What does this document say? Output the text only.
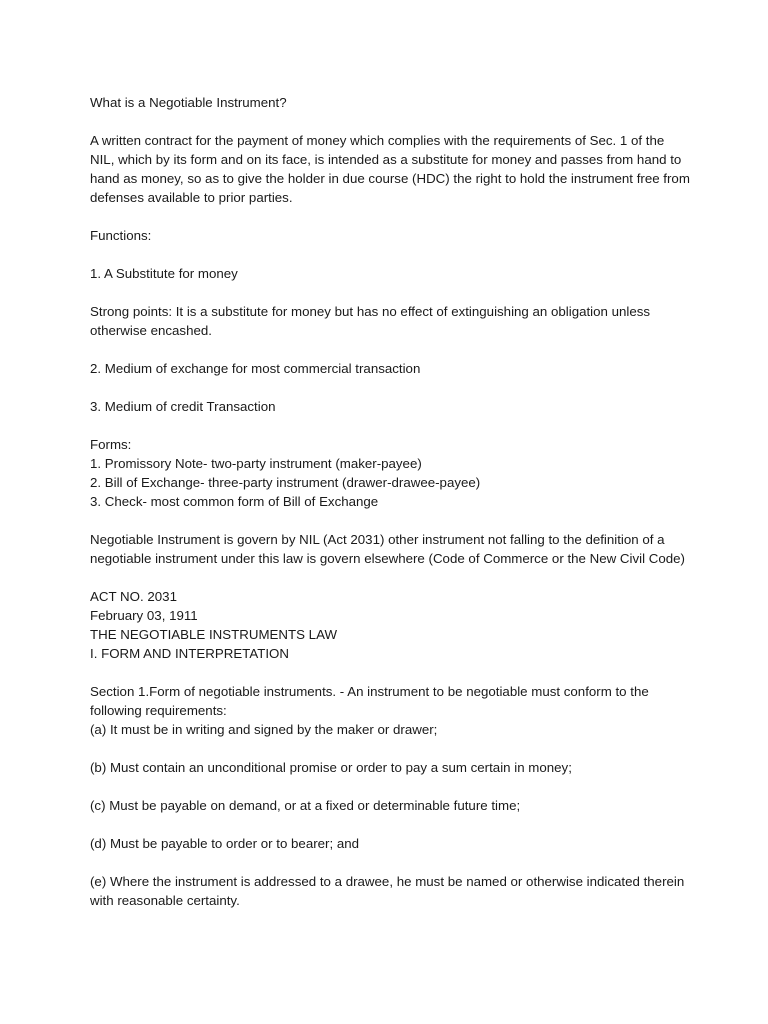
What is a Negotiable Instrument?
A written contract for the payment of money which complies with the requirements of Sec. 1 of the NIL, which by its form and on its face, is intended as a substitute for money and passes from hand to hand as money, so as to give the holder in due course (HDC) the right to hold the instrument free from defenses available to prior parties.
Functions:
1. A Substitute for money
Strong points: It is a substitute for money but has no effect of extinguishing an obligation unless otherwise encashed.
2. Medium of exchange for most commercial transaction
3. Medium of credit Transaction
Forms:
1. Promissory Note- two-party instrument (maker-payee)
2. Bill of Exchange- three-party instrument (drawer-drawee-payee)
3. Check- most common form of Bill of Exchange
Negotiable Instrument is govern by NIL (Act 2031) other instrument not falling to the definition of a negotiable instrument under this law is govern elsewhere (Code of Commerce or the New Civil Code)
ACT NO. 2031
February 03, 1911
THE NEGOTIABLE INSTRUMENTS LAW
I. FORM AND INTERPRETATION
Section 1.Form of negotiable instruments. - An instrument to be negotiable must conform to the following requirements:
(a) It must be in writing and signed by the maker or drawer;
(b) Must contain an unconditional promise or order to pay a sum certain in money;
(c) Must be payable on demand, or at a fixed or determinable future time;
(d) Must be payable to order or to bearer; and
(e) Where the instrument is addressed to a drawee, he must be named or otherwise indicated therein with reasonable certainty.
